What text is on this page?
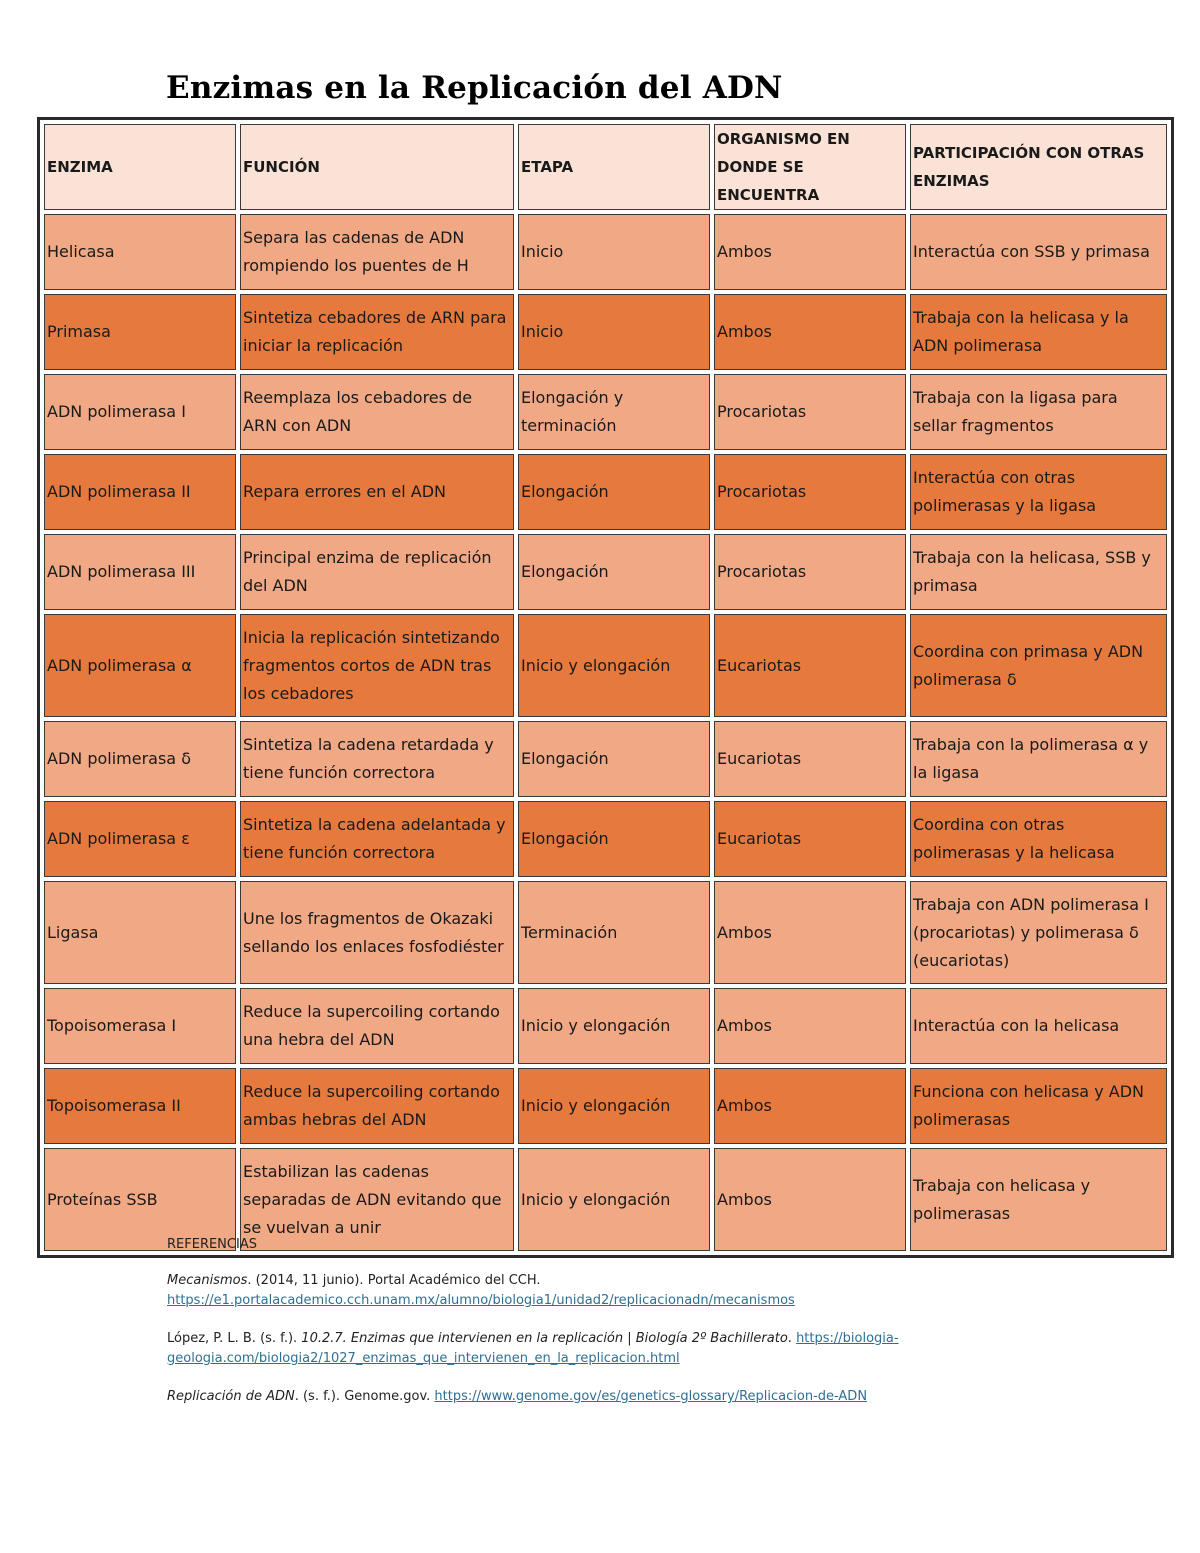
Enzimas en la Replicación del ADN
ENZIMA	FUNCIÓN	ETAPA	ORGANISMO EN DONDE SE ENCUENTRA	PARTICIPACIÓN CON OTRAS ENZIMAS
Helicasa	Separa las cadenas de ADN rompiendo los puentes de H	Inicio	Ambos	Interactúa con SSB y primasa
Primasa	Sintetiza cebadores de ARN para iniciar la replicación	Inicio	Ambos	Trabaja con la helicasa y la ADN polimerasa
ADN polimerasa I	Reemplaza los cebadores de ARN con ADN	Elongación y terminación	Procariotas	Trabaja con la ligasa para sellar fragmentos
ADN polimerasa II	Repara errores en el ADN	Elongación	Procariotas	Interactúa con otras polimerasas y la ligasa
ADN polimerasa III	Principal enzima de replicación del ADN	Elongación	Procariotas	Trabaja con la helicasa, SSB y primasa
ADN polimerasa α	Inicia la replicación sintetizando fragmentos cortos de ADN tras los cebadores	Inicio y elongación	Eucariotas	Coordina con primasa y ADN polimerasa δ
ADN polimerasa δ	Sintetiza la cadena retardada y tiene función correctora	Elongación	Eucariotas	Trabaja con la polimerasa α y la ligasa
ADN polimerasa ε	Sintetiza la cadena adelantada y tiene función correctora	Elongación	Eucariotas	Coordina con otras polimerasas y la helicasa
Ligasa	Une los fragmentos de Okazaki sellando los enlaces fosfodiéster	Terminación	Ambos	Trabaja con ADN polimerasa I (procariotas) y polimerasa δ (eucariotas)
Topoisomerasa I	Reduce la supercoiling cortando una hebra del ADN	Inicio y elongación	Ambos	Interactúa con la helicasa
Topoisomerasa II	Reduce la supercoiling cortando ambas hebras del ADN	Inicio y elongación	Ambos	Funciona con helicasa y ADN polimerasas
Proteínas SSB	Estabilizan las cadenas separadas de ADN evitando que se vuelvan a unir	Inicio y elongación	Ambos	Trabaja con helicasa y polimerasas

REFERENCIAS

Mecanismos. (2014, 11 junio). Portal Académico del CCH.
https://e1.portalacademico.cch.unam.mx/alumno/biologia1/unidad2/replicacionadn/mecanismos

López, P. L. B. (s. f.). 10.2.7. Enzimas que intervienen en la replicación | Biología 2º Bachillerato. https://biologia-geologia.com/biologia2/1027_enzimas_que_intervienen_en_la_replicacion.html

Replicación de ADN. (s. f.). Genome.gov. https://www.genome.gov/es/genetics-glossary/Replicacion-de-ADN
